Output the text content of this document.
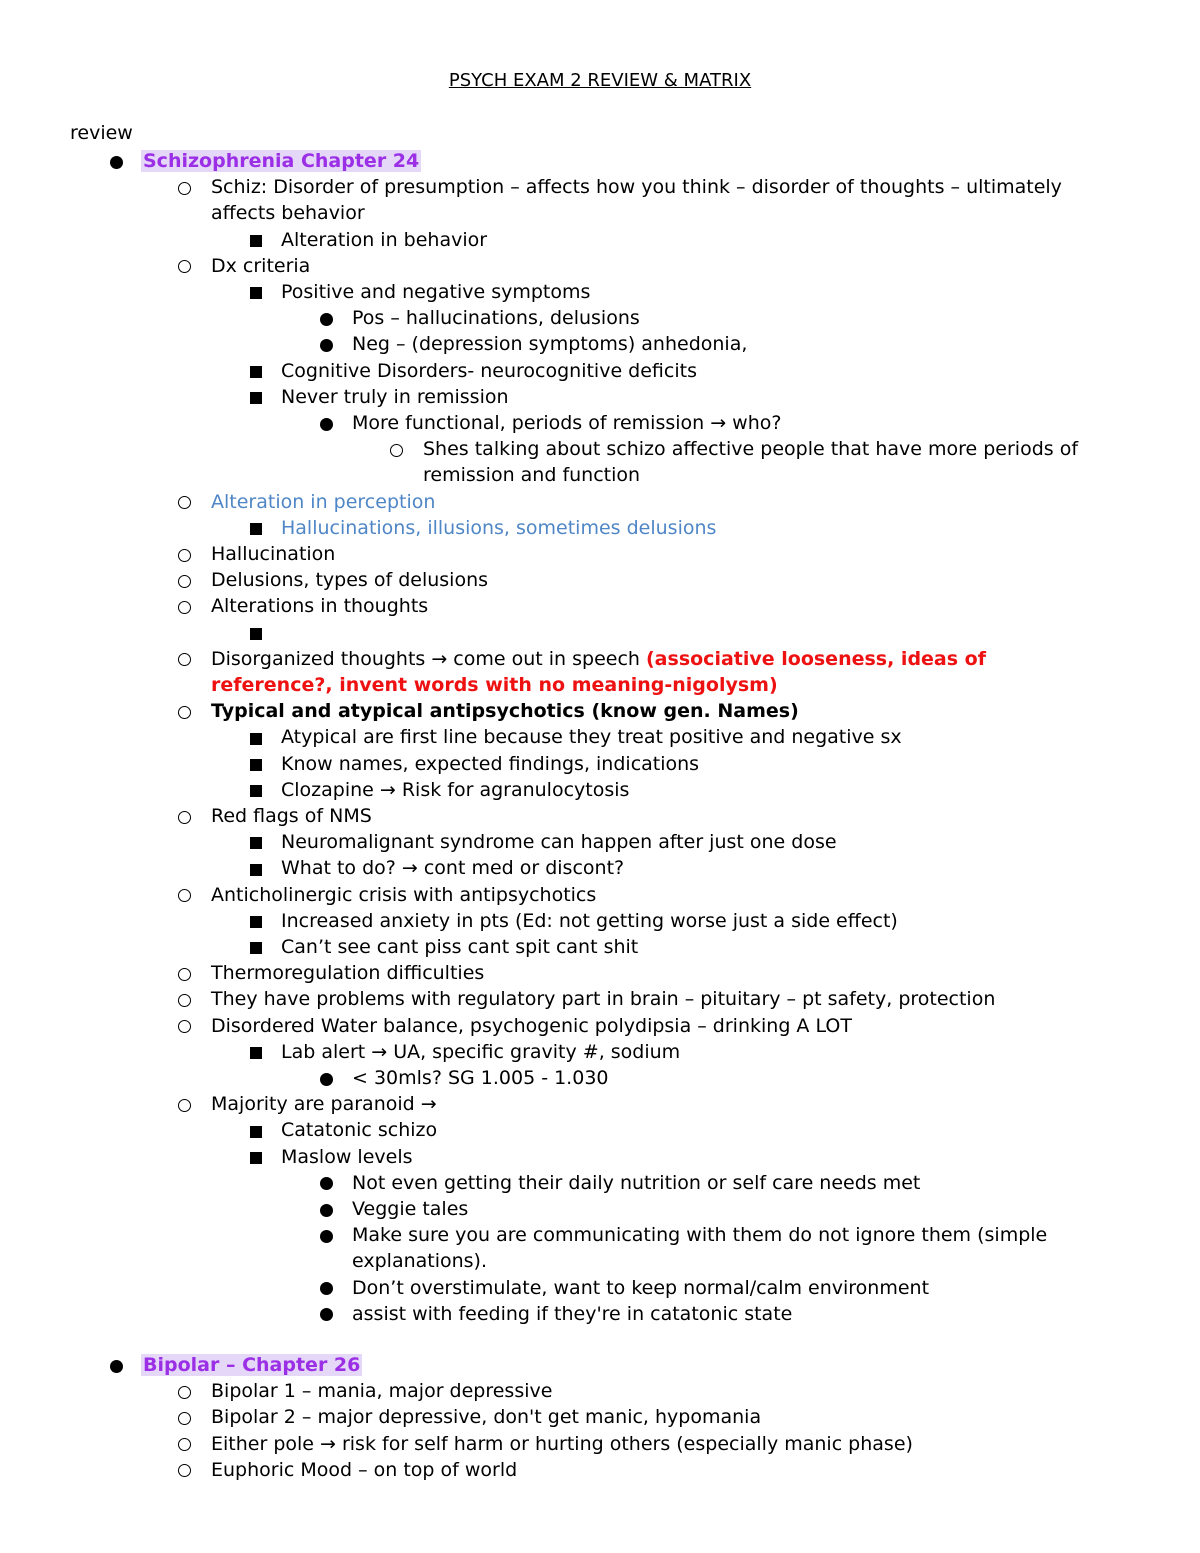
PSYCH EXAM 2 REVIEW & MATRIX
review
Schizophrenia Chapter 24
Schiz: Disorder of presumption – affects how you think – disorder of thoughts – ultimately affects behavior
Alteration in behavior
Dx criteria
Positive and negative symptoms
Pos – hallucinations, delusions
Neg – (depression symptoms) anhedonia,
Cognitive Disorders- neurocognitive deficits
Never truly in remission
More functional, periods of remission → who?
Shes talking about schizo affective people that have more periods of remission and function
Alteration in perception
Hallucinations, illusions, sometimes delusions
Hallucination
Delusions, types of delusions
Alterations in thoughts
Disorganized thoughts → come out in speech (associative looseness, ideas of reference?, invent words with no meaning-nigolysm)
Typical and atypical antipsychotics (know gen. Names)
Atypical are first line because they treat positive and negative sx
Know names, expected findings, indications
Clozapine → Risk for agranulocytosis
Red flags of NMS
Neuromalignant syndrome can happen after just one dose
What to do? → cont med or discont?
Anticholinergic crisis with antipsychotics
Increased anxiety in pts (Ed: not getting worse just a side effect)
Can’t see cant piss cant spit cant shit
Thermoregulation difficulties
They have problems with regulatory part in brain – pituitary – pt safety, protection
Disordered Water balance, psychogenic polydipsia – drinking A LOT
Lab alert → UA, specific gravity #, sodium
< 30mls? SG 1.005 - 1.030
Majority are paranoid →
Catatonic schizo
Maslow levels
Not even getting their daily nutrition or self care needs met
Veggie tales
Make sure you are communicating with them do not ignore them (simple explanations).
Don’t overstimulate, want to keep normal/calm environment
assist with feeding if they're in catatonic state
Bipolar – Chapter 26
Bipolar 1 – mania, major depressive
Bipolar 2 – major depressive, don't get manic, hypomania
Either pole → risk for self harm or hurting others (especially manic phase)
Euphoric Mood – on top of world
